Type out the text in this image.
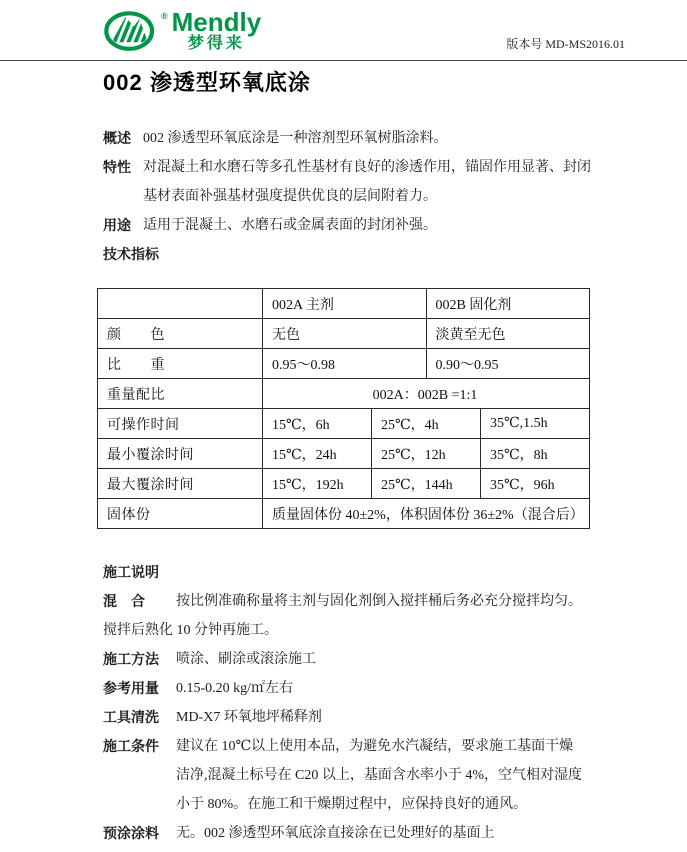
® Mendly
梦得来	版本号 MD-MS2016.01
002 渗透型环氧底涂
概述 002 渗透型环氧底涂是一种溶剂型环氧树脂涂料。
特性 对混凝土和水磨石等多孔性基材有良好的渗透作用，锚固作用显著、封闭
基材表面补强基材强度提供优良的层间附着力。
用途 适用于混凝土、水磨石或金属表面的封闭补强。
技术指标
	002A 主剂		002B 固化剂	
颜　　色	无色		淡黄至无色	
比　　重	0.95～0.98		0.90～0.95	
重量配比	002A：002B =1:1			
可操作时间	15℃，6h	25℃，4h		35℃,1.5h
最小覆涂时间	15℃，24h	25℃，12h		35℃，8h
最大覆涂时间	15℃，192h	25℃，144h		35℃，96h
固体份	质量固体份 40±2%，体积固体份 36±2%（混合后）			
施工说明
混　合	按比例准确称量将主剂与固化剂倒入搅拌桶后务必充分搅拌均匀。
搅拌后熟化 10 分钟再施工。
施工方法	喷涂、刷涂或滚涂施工
参考用量	0.15-0.20 kg/㎡左右
工具清洗	MD-X7 环氧地坪稀释剂
施工条件	建议在 10℃以上使用本品，为避免水汽凝结，要求施工基面干燥
洁净,混凝土标号在 C20 以上，基面含水率小于 4%，空气相对湿度
小于 80%。在施工和干燥期过程中，应保持良好的通风。
预涂涂料	无。002 渗透型环氧底涂直接涂在已处理好的基面上
